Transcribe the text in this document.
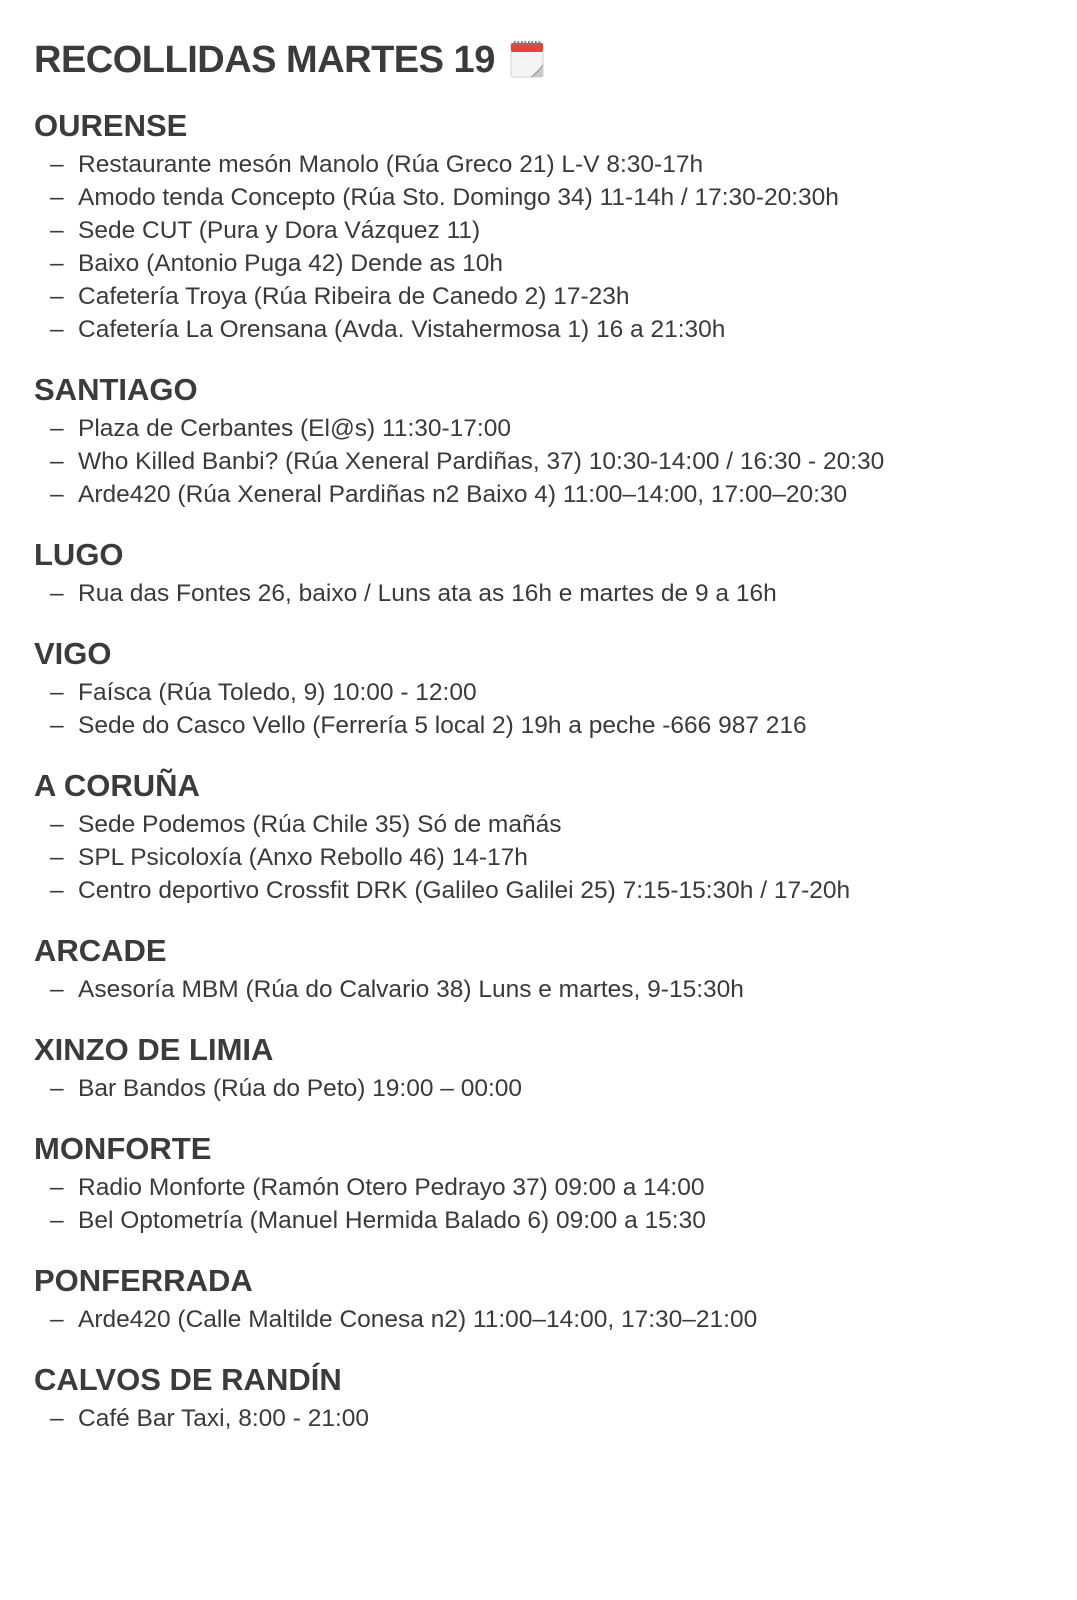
RECOLLIDAS MARTES 19
OURENSE
– Restaurante mesón Manolo (Rúa Greco 21) L-V 8:30-17h
– Amodo tenda Concepto (Rúa Sto. Domingo 34) 11-14h / 17:30-20:30h
– Sede CUT (Pura y Dora Vázquez 11)
– Baixo (Antonio Puga 42) Dende as 10h
– Cafetería Troya (Rúa Ribeira de Canedo 2) 17-23h
– Cafetería La Orensana (Avda. Vistahermosa 1) 16 a 21:30h
SANTIAGO
– Plaza de Cerbantes (El@s) 11:30-17:00
– Who Killed Banbi? (Rúa Xeneral Pardiñas, 37) 10:30-14:00 / 16:30 - 20:30
– Arde420 (Rúa Xeneral Pardiñas n2 Baixo 4) 11:00–14:00, 17:00–20:30
LUGO
– Rua das Fontes 26, baixo / Luns ata as 16h e martes de 9 a 16h
VIGO
– Faísca (Rúa Toledo, 9) 10:00 - 12:00
– Sede do Casco Vello (Ferrería 5 local 2) 19h a peche -666 987 216
A CORUÑA
– Sede Podemos (Rúa Chile 35) Só de mañás
– SPL Psicoloxía (Anxo Rebollo 46) 14-17h
– Centro deportivo Crossfit DRK (Galileo Galilei 25) 7:15-15:30h / 17-20h
ARCADE
– Asesoría MBM (Rúa do Calvario 38) Luns e martes, 9-15:30h
XINZO DE LIMIA
– Bar Bandos (Rúa do Peto) 19:00 – 00:00
MONFORTE
– Radio Monforte (Ramón Otero Pedrayo 37) 09:00 a 14:00
– Bel Optometría (Manuel Hermida Balado 6) 09:00 a 15:30
PONFERRADA
– Arde420 (Calle Maltilde Conesa n2) 11:00–14:00, 17:30–21:00
CALVOS DE RANDÍN
– Café Bar Taxi, 8:00 - 21:00
